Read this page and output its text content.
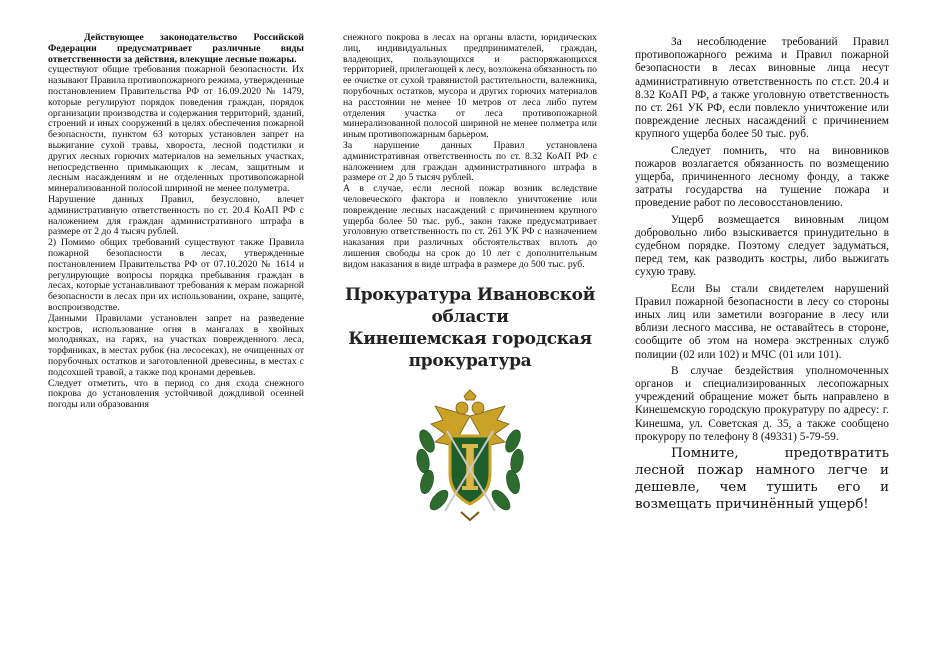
Действующее законодательство Российской Федерации предусматривает различные виды ответственности за действия, влекущие лесные пожары.

существуют общие требования пожарной безопасности. Их называют Правила противопожарного режима, утвержденные постановлением Правительства РФ от 16.09.2020 № 1479, которые регулируют порядок поведения граждан, порядок организации производства и содержания территорий, зданий, строений и иных сооружений в целях обеспечения пожарной безопасности, пунктом 63 которых установлен запрет на выжигание сухой травы, хвороста, лесной подстилки и других лесных горючих материалов на земельных участках, непосредственно примыкающих к лесам, защитным и лесным насаждениям и не отделенных противопожарной минерализованной полосой шириной не менее полуметра.

Нарушение данных Правил, безусловно, влечет административную ответственность по ст. 20.4 КоАП РФ с наложением для граждан административного штрафа в размере от 2 до 4 тысяч рублей.

2) Помимо общих требований существуют также Правила пожарной безопасности в лесах, утвержденные постановлением Правительства РФ от 07.10.2020 № 1614 и регулирующие вопросы порядка пребывания граждан в лесах, которые устанавливают требования к мерам пожарной безопасности в лесах при их использовании, охране, защите, воспроизводстве.

Данными Правилами установлен запрет на разведение костров, использование огня в мангалах в хвойных молодняках, на гарях, на участках поврежденного леса, торфяниках, в местах рубок (на лесосеках), не очищенных от порубочных остатков и заготовленной древесины, в местах с подсохшей травой, а также под кронами деревьев.

Следует отметить, что в период со дня схода снежного покрова до установления устойчивой дождливой осенней погоды или образования

снежного покрова в лесах на органы власти, юридических лиц, индивидуальных предпринимателей, граждан, владеющих, пользующихся и распоряжающихся территорией, прилегающей к лесу, возложена обязанность по ее очистке от сухой травянистой растительности, валежника, порубочных остатков, мусора и других горючих материалов на расстоянии не менее 10 метров от леса либо путем отделения участка от леса противопожарной минерализованной полосой шириной не менее полметра или иным противопожарным барьером.

За нарушение данных Правил установлена административная ответственность по ст. 8.32 КоАП РФ с наложением для граждан административного штрафа в размере от 2 до 5 тысяч рублей.

А в случае, если лесной пожар возник вследствие человеческого фактора и повлекло уничтожение или повреждение лесных насаждений с причинением крупного ущерба более 50 тыс. руб., закон также предусматривает уголовную ответственность по ст. 261 УК РФ с назначением наказания при различных обстоятельствах вплоть до лишения свободы на срок до 10 лет с дополнительным видом наказания в виде штрафа в размере до 500 тыс. руб.

Прокуратура Ивановской области
Кинешемская городская
прокуратура

За несоблюдение требований Правил противопожарного режима и Правил пожарной безопасности в лесах виновные лица несут административную ответственность по ст.ст. 20.4 и 8.32 КоАП РФ, а также уголовную ответственность по ст. 261 УК РФ, если повлекло уничтожение или повреждение лесных насаждений с причинением крупного ущерба более 50 тыс. руб.

Следует помнить, что на виновников пожаров возлагается обязанность по возмещению ущерба, причиненного лесному фонду, а также затраты государства на тушение пожара и проведение работ по лесовосстановлению.

Ущерб возмещается виновным лицом добровольно либо взыскивается принудительно в судебном порядке. Поэтому следует задуматься, перед тем, как разводить костры, либо выжигать сухую траву.

Если Вы стали свидетелем нарушений Правил пожарной безопасности в лесу со стороны иных лиц или заметили возгорание в лесу или вблизи лесного массива, не оставайтесь в стороне, сообщите об этом на номера экстренных служб полиции (02 или 102) и МЧС (01 или 101).

В случае бездействия уполномоченных органов и специализированных лесопожарных учреждений обращение может быть направлено в Кинешемскую городскую прокуратуру по адресу: г. Кинешма, ул. Советская д. 35, а также сообщено прокурору по телефону 8 (49331) 5-79-59.

Помните, предотвратить лесной пожар намного легче и дешевле, чем тушить его и возмещать причинённый ущерб!
